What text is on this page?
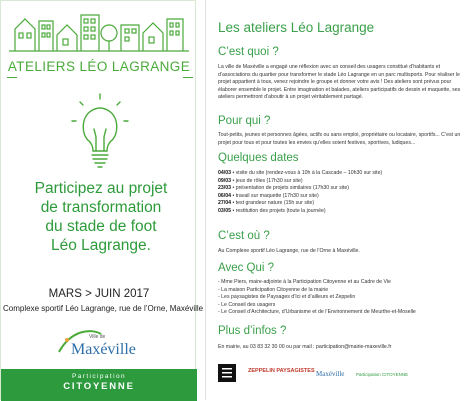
ATELIERS LÉO LAGRANGE
Participez au projet
de transformation
du stade de foot
Léo Lagrange.
MARS > JUIN 2017
Complexe sportif Léo Lagrange, rue de l’Orne, Maxéville
Ville de
Maxéville
Participation
CITOYENNE
Les ateliers Léo Lagrange
C’est quoi ?
La ville de Maxéville a engagé une réflexion avec un conseil des usagers constitué d’habitants et d’associations du quartier pour transformer le stade Léo Lagrange en un parc multisports. Pour réaliser le projet appartient à tous, venez rejoindre le groupe et donner votre avis ! Des ateliers sont prévus pour élaborer ensemble le projet. Entre imagination et balades, ateliers participatifs de dessin et maquette, ses ateliers permettront d’aboutir à un projet véritablement partagé.
Pour qui ?
Tout-petits, jeunes et personnes âgées, actifs ou sans emploi, propriétaire ou locataire, sportifs... C’est un projet pour tous et pour toutes les envies qu’elles soient festives, sportives, ludiques...
Quelques dates
04/03 • visite du site (rendez-vous à 10h à la Cascade – 10h30 sur site)
09/03 • jeux de rôles (17h30 sur site)
23/03 • présentation de projets similaires (17h30 sur site)
06/04 • travail sur maquette (17h30 sur site)
27/04 • test grandeur nature (15h sur site)
03/05 • restitution des projets (toute la journée)
C’est où ?
Au Complexe sportif Léo Lagrange, rue de l’Orne à Maxéville.
Avec Qui ?
- Mme Piers, maire-adjointe à la Participation Citoyenne et au Cadre de Vie
- La maison Participation Citoyenne de la mairie
- Les paysagistes de Paysages d’Ici et d’ailleurs et Zeppelin
- Le Conseil des usagers
- Le Conseil d’Architecture, d’Urbanisme et de l’Environnement de Meurthe-et-Moselle
Plus d’infos ?
En mairie, au 03 83 32 30 00 ou par mail : participation@mairie-maxeville.fr
ZEPPELIN PAYSAGISTES Maxéville	Participation CITOYENNE
